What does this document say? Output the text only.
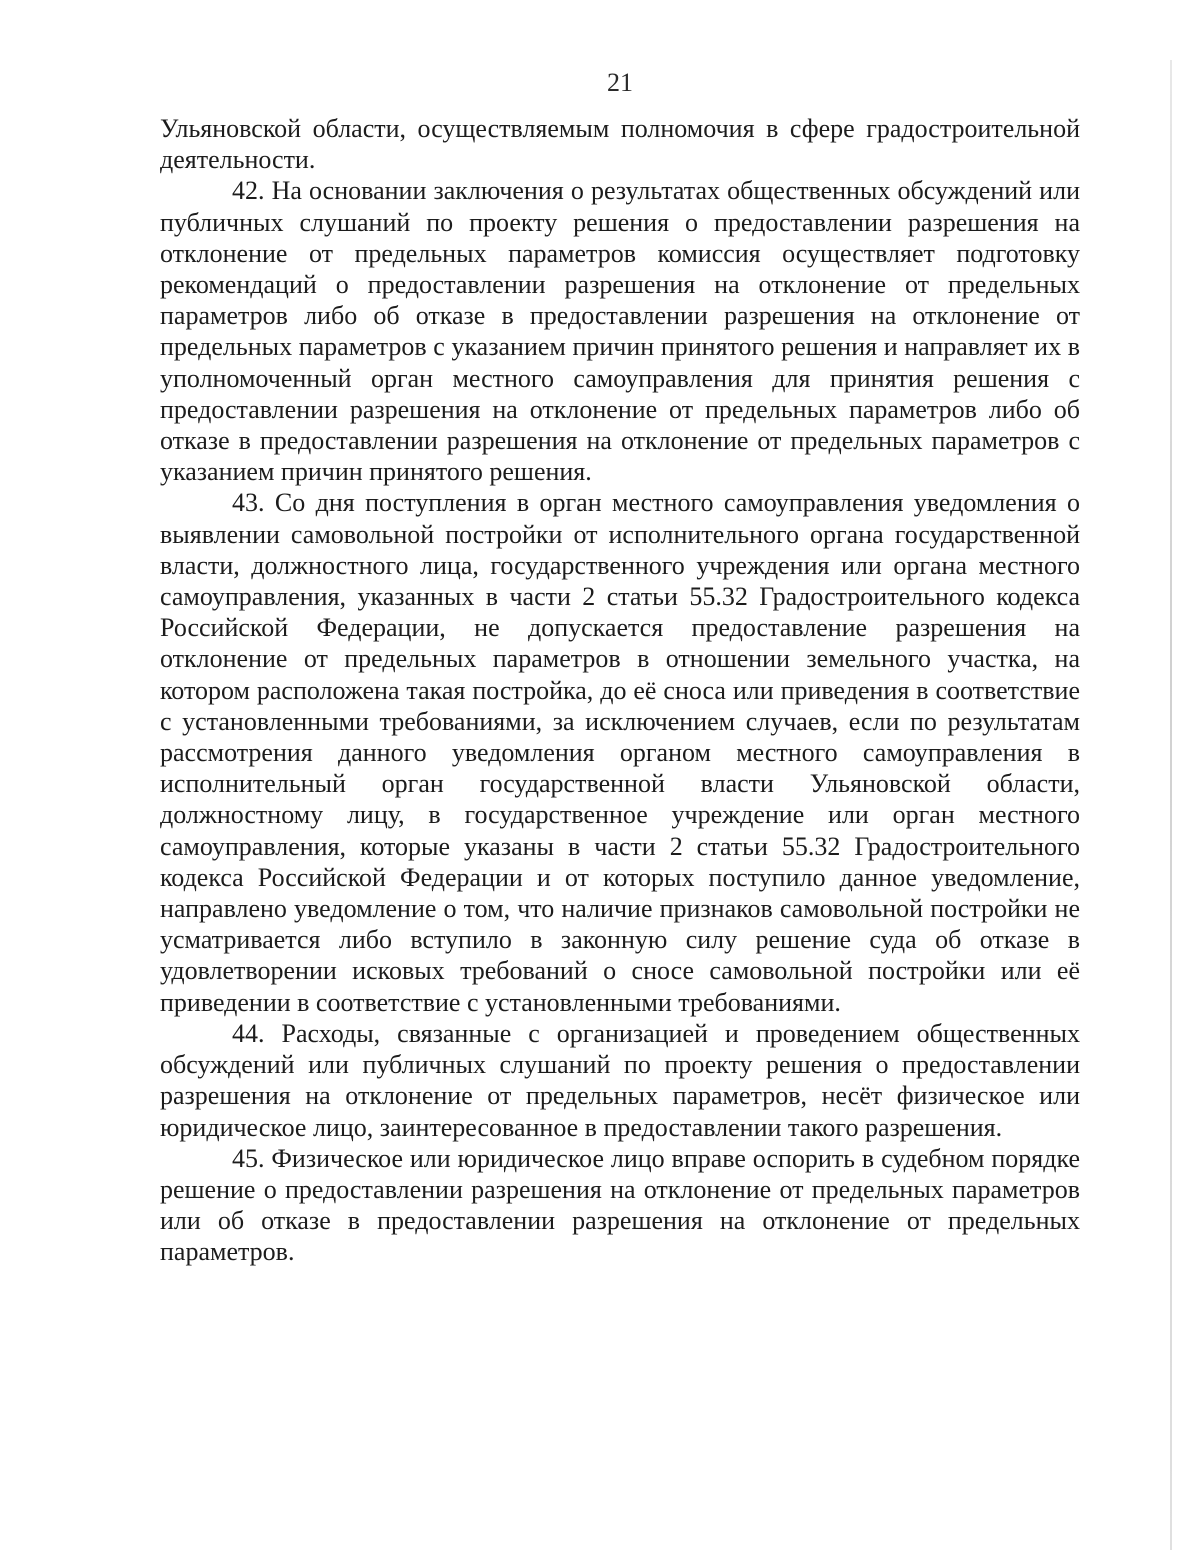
21

Ульяновской области, осуществляемым полномочия в сфере градостроительной деятельности.

42. На основании заключения о результатах общественных обсуждений или публичных слушаний по проекту решения о предоставлении разрешения на отклонение от предельных параметров комиссия осуществляет подготовку рекомендаций о предоставлении разрешения на отклонение от предельных параметров либо об отказе в предоставлении разрешения на отклонение от предельных параметров с указанием причин принятого решения и направляет их в уполномоченный орган местного самоуправления для принятия решения с предоставлении разрешения на отклонение от предельных параметров либо об отказе в предоставлении разрешения на отклонение от предельных параметров с указанием причин принятого решения.

43. Со дня поступления в орган местного самоуправления уведомления о выявлении самовольной постройки от исполнительного органа государственной власти, должностного лица, государственного учреждения или органа местного самоуправления, указанных в части 2 статьи 55.32 Градостроительного кодекса Российской Федерации, не допускается предоставление разрешения на отклонение от предельных параметров в отношении земельного участка, на котором расположена такая постройка, до её сноса или приведения в соответствие с установленными требованиями, за исключением случаев, если по результатам рассмотрения данного уведомления органом местного самоуправления в исполнительный орган государственной власти Ульяновской области, должностному лицу, в государственное учреждение или орган местного самоуправления, которые указаны в части 2 статьи 55.32 Градостроительного кодекса Российской Федерации и от которых поступило данное уведомление, направлено уведомление о том, что наличие признаков самовольной постройки не усматривается либо вступило в законную силу решение суда об отказе в удовлетворении исковых требований о сносе самовольной постройки или её приведении в соответствие с установленными требованиями.

44. Расходы, связанные с организацией и проведением общественных обсуждений или публичных слушаний по проекту решения о предоставлении разрешения на отклонение от предельных параметров, несёт физическое или юридическое лицо, заинтересованное в предоставлении такого разрешения.

45. Физическое или юридическое лицо вправе оспорить в судебном порядке решение о предоставлении разрешения на отклонение от предельных параметров или об отказе в предоставлении разрешения на отклонение от предельных параметров.
